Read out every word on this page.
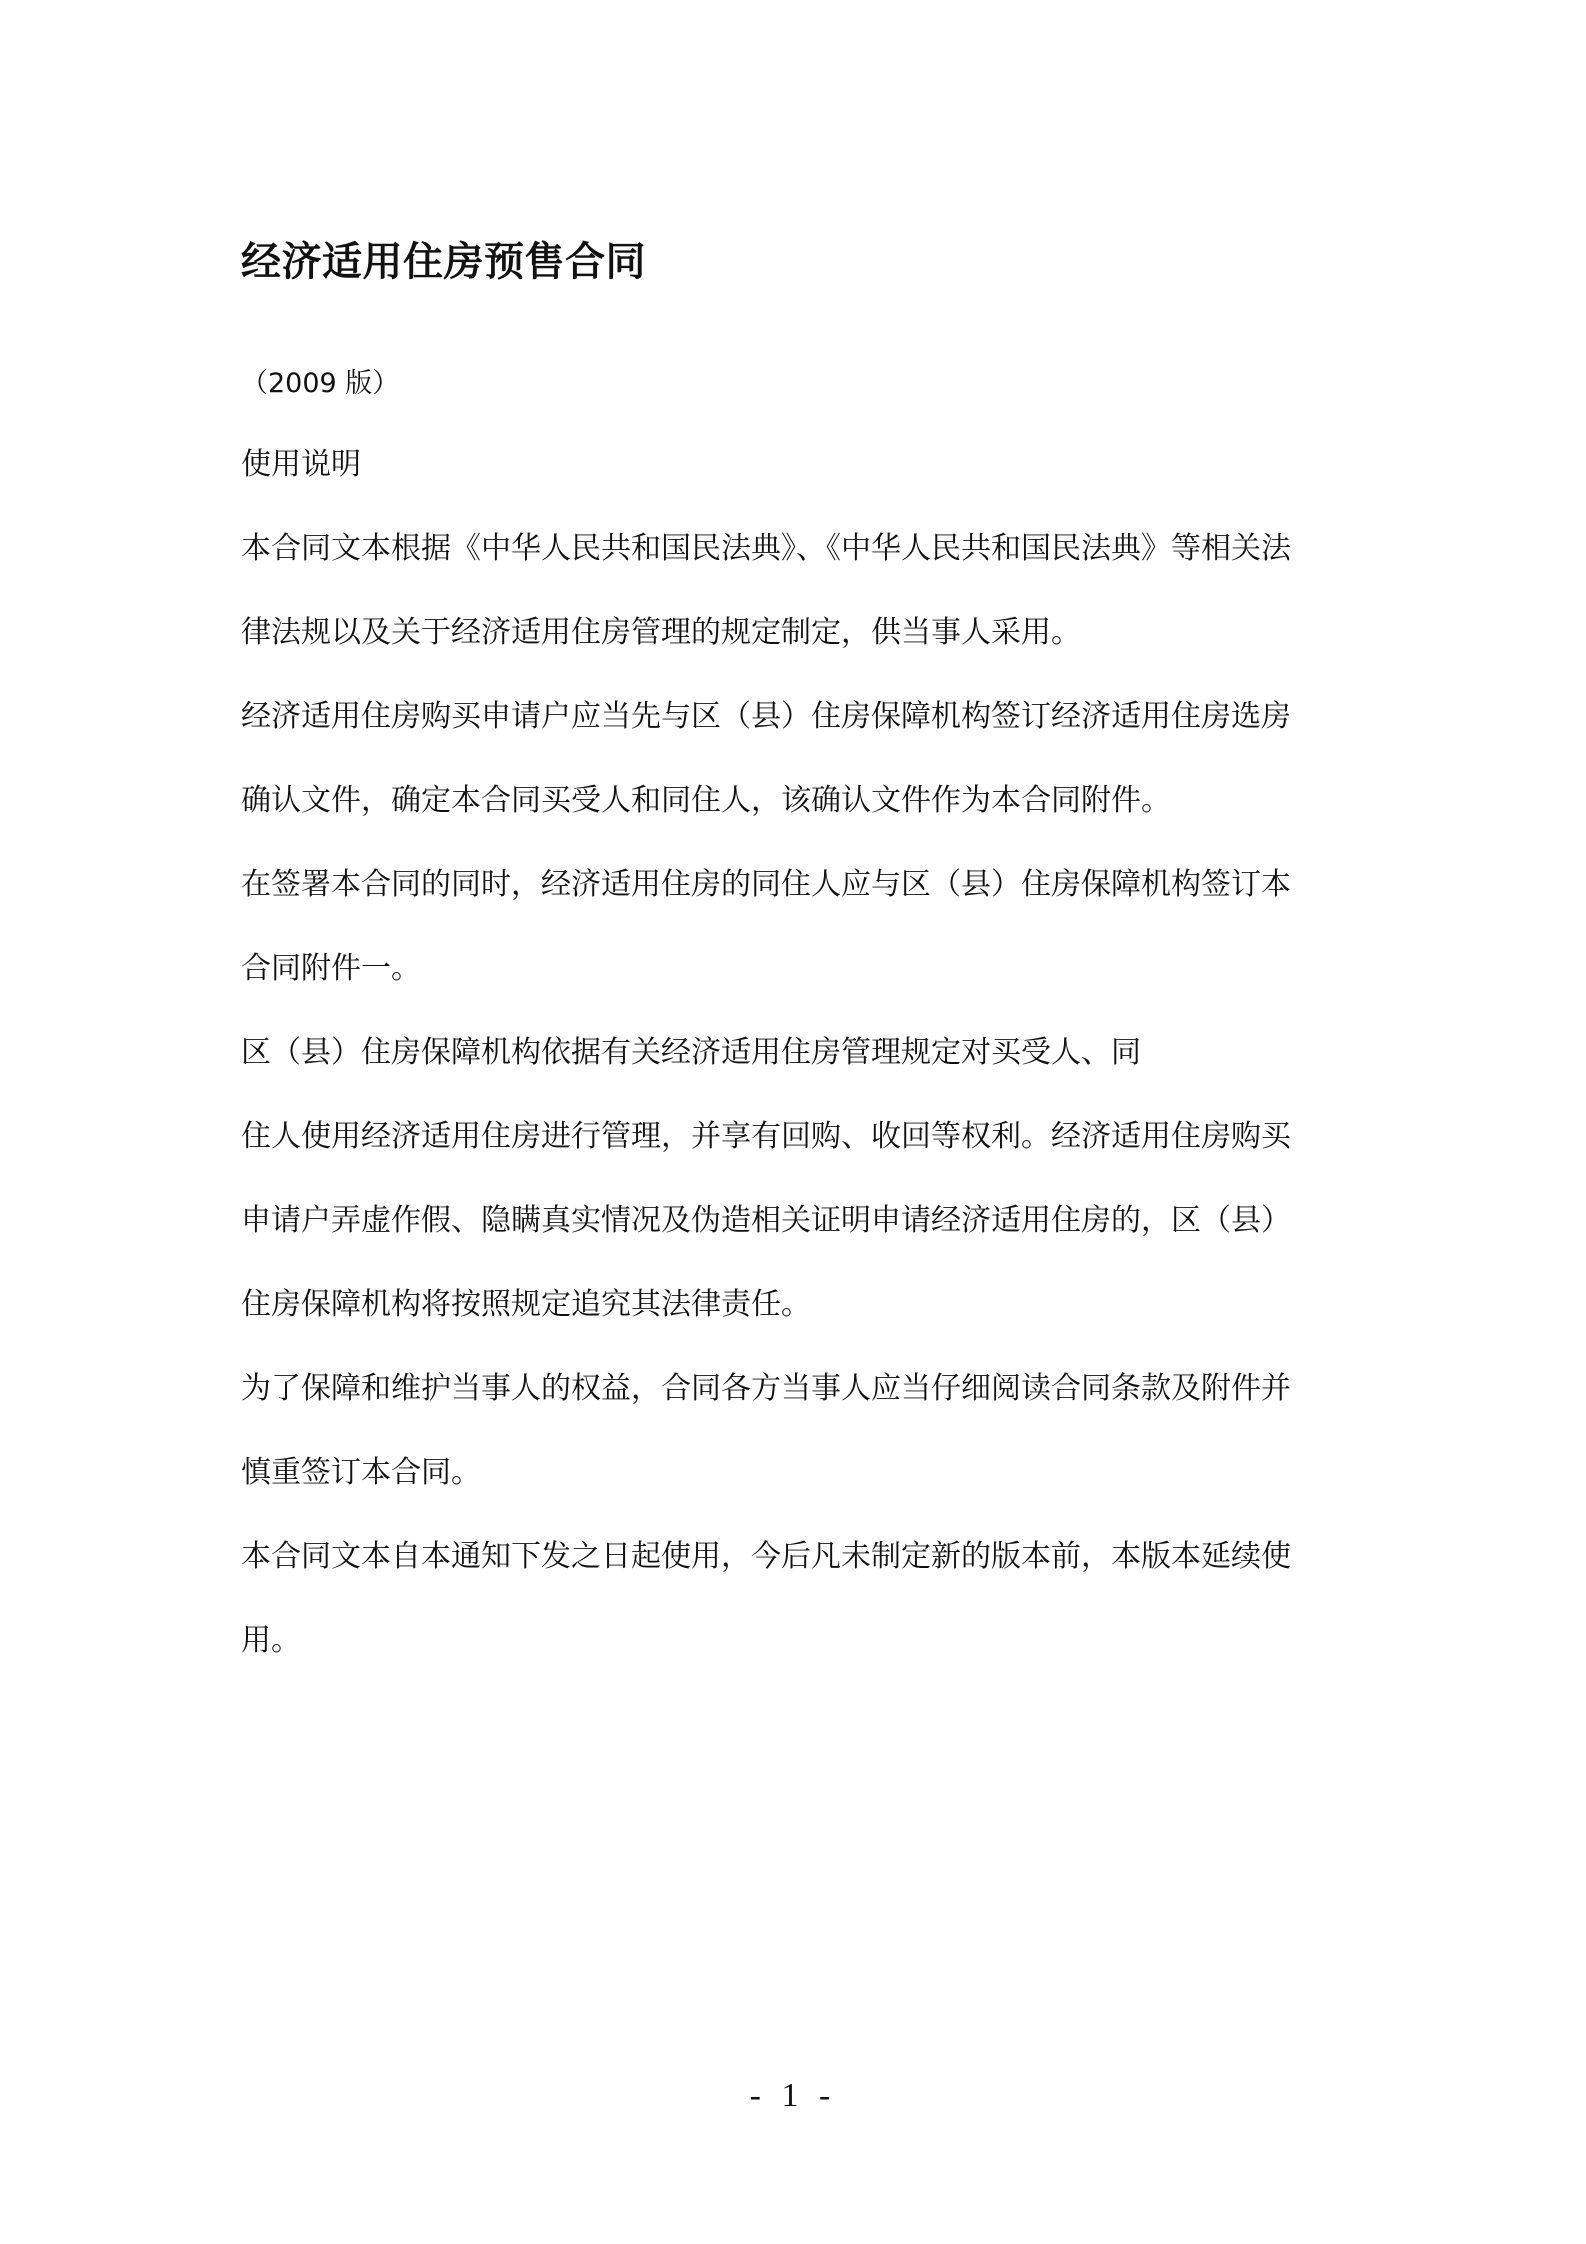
经济适用住房预售合同
（2009 版）
使用说明
本合同文本根据《中华人民共和国民法典》、《中华人民共和国民法典》等相关法
律法规以及关于经济适用住房管理的规定制定，供当事人采用。
经济适用住房购买申请户应当先与区（县）住房保障机构签订经济适用住房选房
确认文件，确定本合同买受人和同住人，该确认文件作为本合同附件。
在签署本合同的同时，经济适用住房的同住人应与区（县）住房保障机构签订本
合同附件一。
区（县）住房保障机构依据有关经济适用住房管理规定对买受人、同
住人使用经济适用住房进行管理，并享有回购、收回等权利。经济适用住房购买
申请户弄虚作假、隐瞒真实情况及伪造相关证明申请经济适用住房的，区（县）
住房保障机构将按照规定追究其法律责任。
为了保障和维护当事人的权益，合同各方当事人应当仔细阅读合同条款及附件并
慎重签订本合同。
本合同文本自本通知下发之日起使用，今后凡未制定新的版本前，本版本延续使
用。
- 1 -
